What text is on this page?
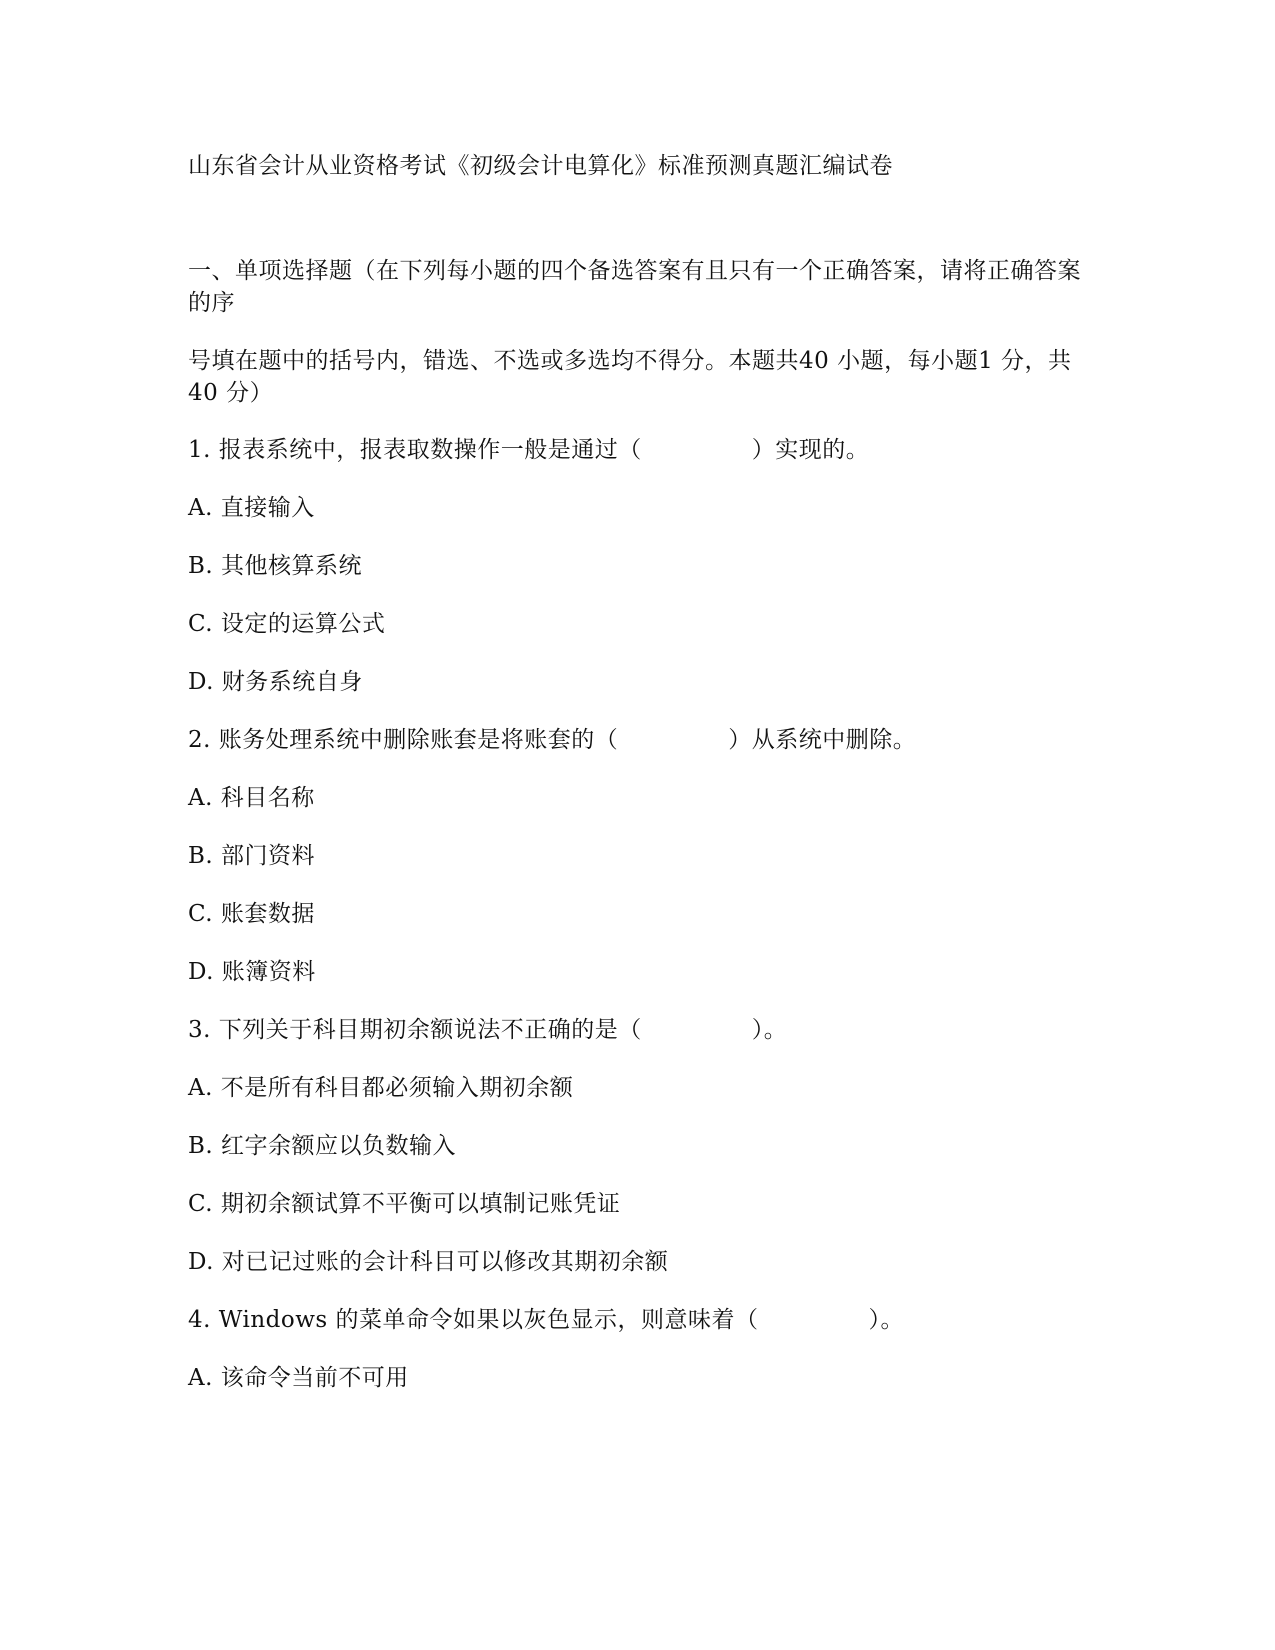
山东省会计从业资格考试《初级会计电算化》标准预测真题汇编试卷
一、单项选择题（在下列每小题的四个备选答案有且只有一个正确答案，请将正确答案的序
号填在题中的括号内，错选、不选或多选均不得分。本题共40 小题，每小题1 分，共40 分）
1. 报表系统中，报表取数操作一般是通过（	）实现的。
A. 直接输入
B. 其他核算系统
C. 设定的运算公式
D. 财务系统自身
2. 账务处理系统中删除账套是将账套的（	）从系统中删除。
A. 科目名称
B. 部门资料
C. 账套数据
D. 账簿资料
3. 下列关于科目期初余额说法不正确的是（	）。
A. 不是所有科目都必须输入期初余额
B. 红字余额应以负数输入
C. 期初余额试算不平衡可以填制记账凭证
D. 对已记过账的会计科目可以修改其期初余额
4. Windows 的菜单命令如果以灰色显示，则意味着（	）。
A. 该命令当前不可用
